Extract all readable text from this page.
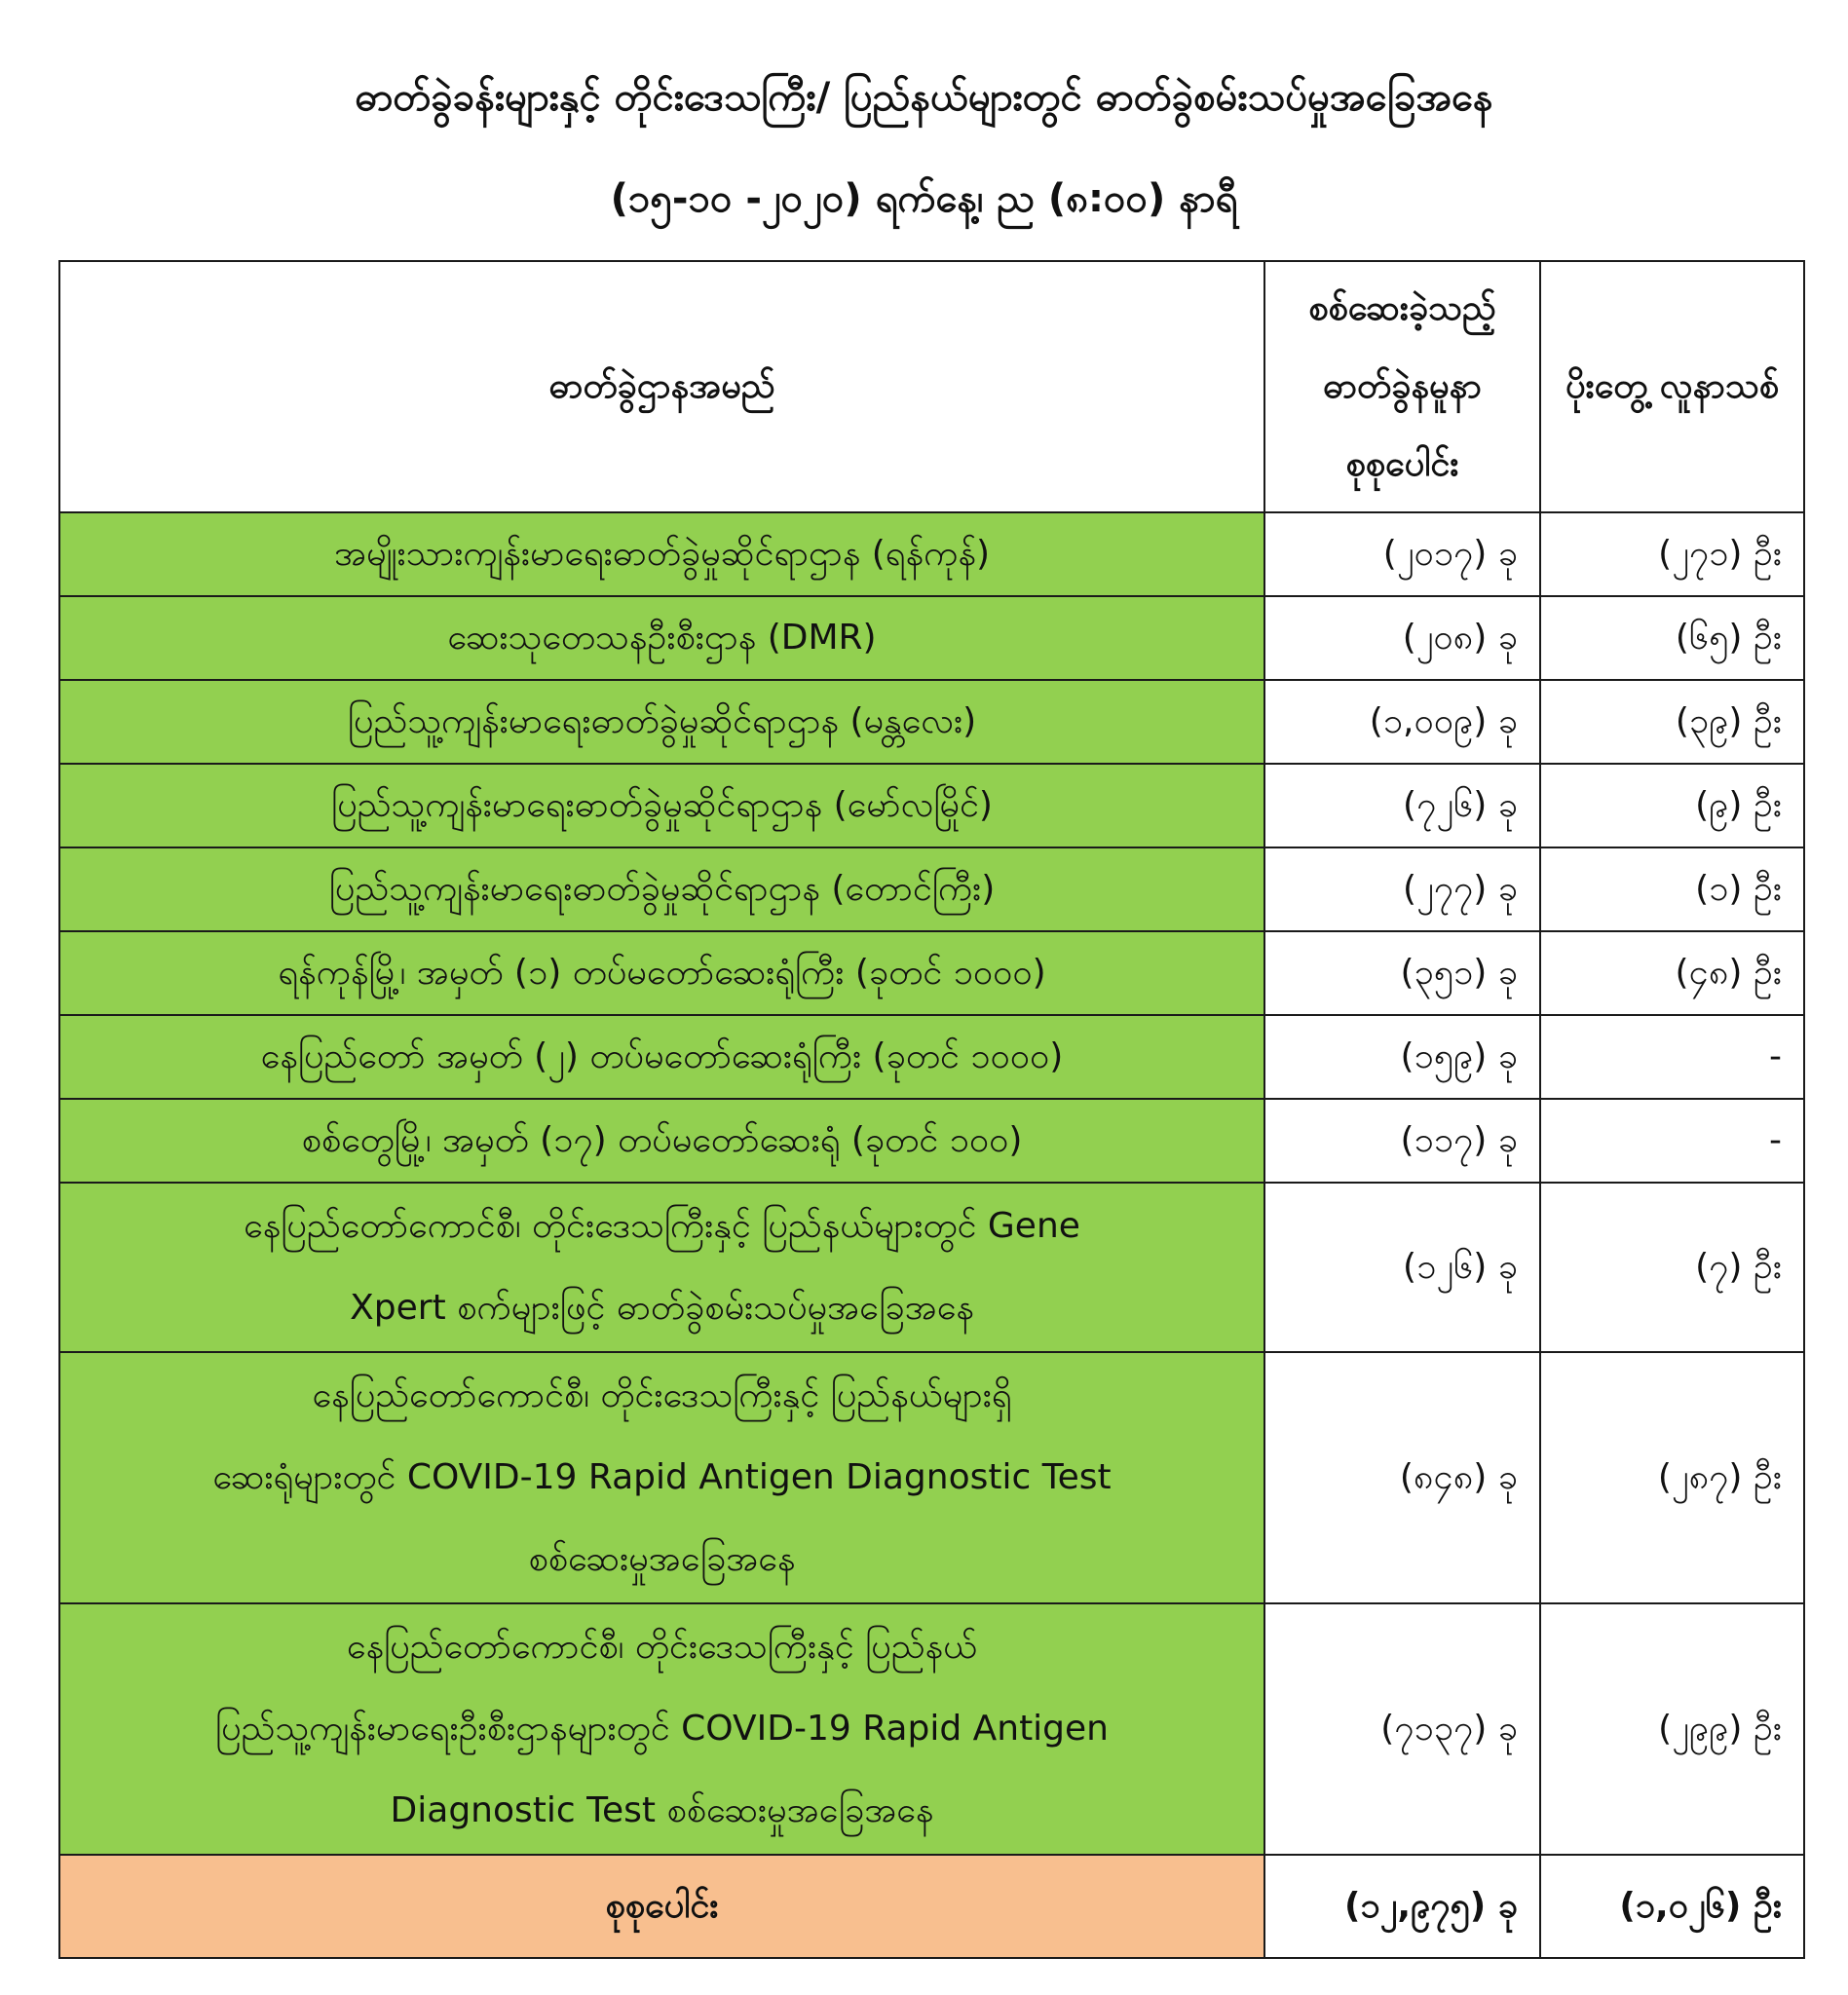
ဓာတ်ခွဲခန်းများနှင့် တိုင်းဒေသကြီး/ ပြည်နယ်များတွင် ဓာတ်ခွဲစမ်းသပ်မှုအခြေအနေ
(၁၅-၁၀ -၂၀၂၀) ရက်နေ့၊ ည (၈:၀၀) နာရီ
ဓာတ်ခွဲဌာနအမည်	စစ်ဆေးခဲ့သည့် ဓာတ်ခွဲနမူနာ စုစုပေါင်း	ပိုးတွေ့ လူနာသစ်
အမျိုးသားကျန်းမာရေးဓာတ်ခွဲမှုဆိုင်ရာဌာန (ရန်ကုန်)	(၂၀၁၇) ခု	(၂၇၁) ဦး
ဆေးသုတေသနဦးစီးဌာန (DMR)	(၂၀၈) ခု	(၆၅) ဦး
ပြည်သူ့ကျန်းမာရေးဓာတ်ခွဲမှုဆိုင်ရာဌာန (မန္တလေး)	(၁,၀၀၉) ခု	(၃၉) ဦး
ပြည်သူ့ကျန်းမာရေးဓာတ်ခွဲမှုဆိုင်ရာဌာန (မော်လမြိုင်)	(၇၂၆) ခု	(၉) ဦး
ပြည်သူ့ကျန်းမာရေးဓာတ်ခွဲမှုဆိုင်ရာဌာန (တောင်ကြီး)	(၂၇၇) ခု	(၁) ဦး
ရန်ကုန်မြို့၊ အမှတ် (၁) တပ်မတော်ဆေးရုံကြီး (ခုတင် ၁၀၀၀)	(၃၅၁) ခု	(၄၈) ဦး
နေပြည်တော် အမှတ် (၂) တပ်မတော်ဆေးရုံကြီး (ခုတင် ၁၀၀၀)	(၁၅၉) ခု	-
စစ်တွေမြို့၊ အမှတ် (၁၇) တပ်မတော်ဆေးရုံ (ခုတင် ၁၀၀)	(၁၁၇) ခု	-

နေပြည်တော်ကောင်စီ၊ တိုင်းဒေသကြီးနှင့် ပြည်နယ်များတွင် Gene
Xpert စက်များဖြင့် ဓာတ်ခွဲစမ်းသပ်မှုအခြေအနေ	(၁၂၆) ခု	(၇) ဦး

နေပြည်တော်ကောင်စီ၊ တိုင်းဒေသကြီးနှင့် ပြည်နယ်များရှိ
ဆေးရုံများတွင် COVID-19 Rapid Antigen Diagnostic Test
စစ်ဆေးမှုအခြေအနေ	(၈၄၈) ခု	(၂၈၇) ဦး

နေပြည်တော်ကောင်စီ၊ တိုင်းဒေသကြီးနှင့် ပြည်နယ်
ပြည်သူ့ကျန်းမာရေးဦးစီးဌာနများတွင် COVID-19 Rapid Antigen
Diagnostic Test စစ်ဆေးမှုအခြေအနေ	(၇၁၃၇) ခု	(၂၉၉) ဦး
စုစုပေါင်း	(၁၂,၉၇၅) ခု	(၁,၀၂၆) ဦး
